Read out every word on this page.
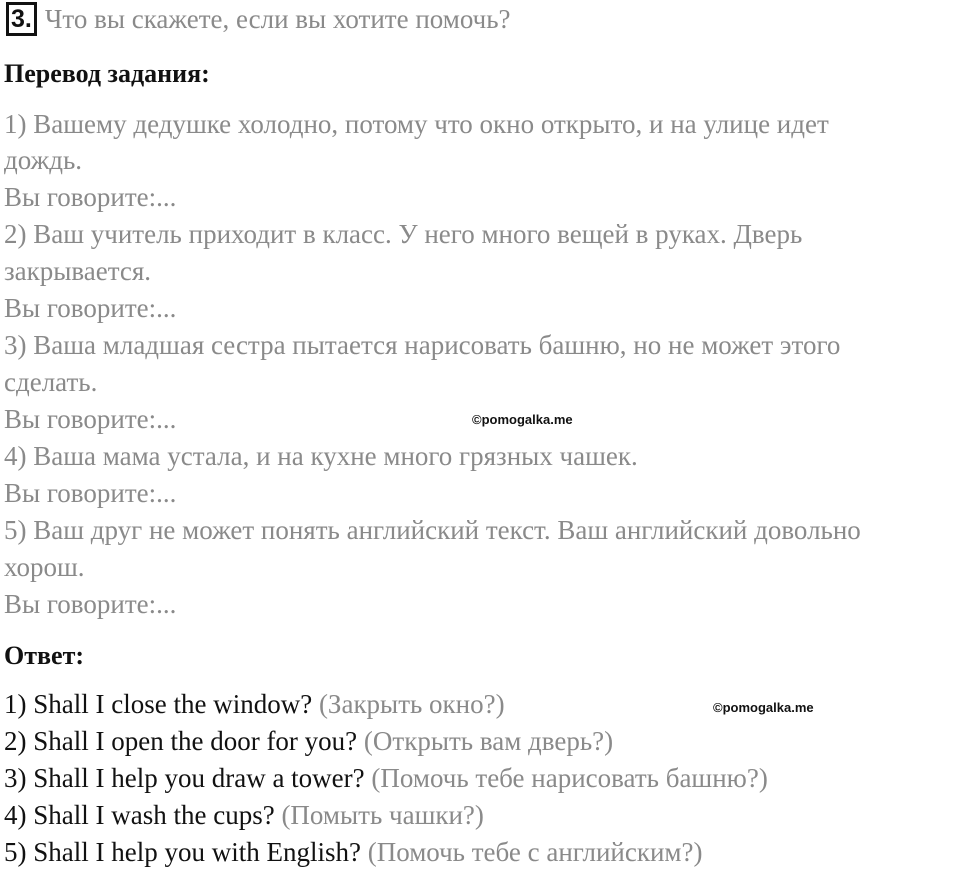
3. Что вы скажете, если вы хотите помочь?
Перевод задания:
1) Вашему дедушке холодно, потому что окно открыто, и на улице идет
дождь.
Вы говорите:...
2) Ваш учитель приходит в класс. У него много вещей в руках. Дверь
закрывается.
Вы говорите:...
3) Ваша младшая сестра пытается нарисовать башню, но не может этого
сделать.
Вы говорите:...
4) Ваша мама устала, и на кухне много грязных чашек.
Вы говорите:...
5) Ваш друг не может понять английский текст. Ваш английский довольно
хорош.
Вы говорите:...
Ответ:
1) Shall I close the window? (Закрыть окно?)
2) Shall I open the door for you? (Открыть вам дверь?)
3) Shall I help you draw a tower? (Помочь тебе нарисовать башню?)
4) Shall I wash the cups? (Помыть чашки?)
5) Shall I help you with English? (Помочь тебе с английским?)
©pomogalka.me
©pomogalka.me
